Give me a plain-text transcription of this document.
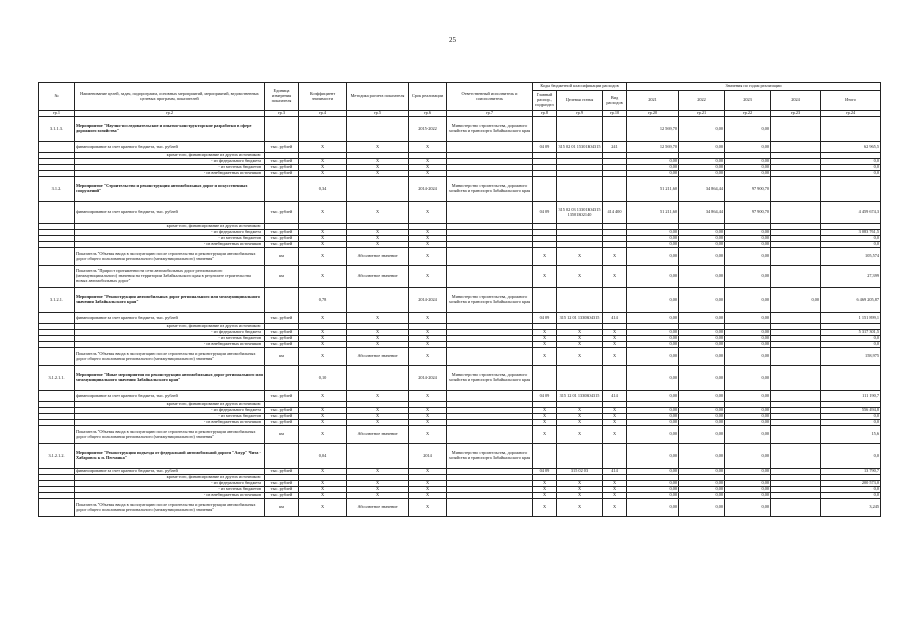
25
№	Наименование целей, задач, подпрограмм, основных мероприятий, мероприятий, ведомственных целевых программ, показателей	Единица измерения показателя	Коэффициент значимости	Методика расчета показателя	Срок реализации	Ответственный исполнитель и соисполнитель	Коды бюджетной классификации расходов			Значения по годам реализации				
							Главный распор., подраздел	Целевая статья	Вид расходов	2021	2022	2023	2024	Итого
гр.1	гр.2	гр.3	гр.4	гр.5	гр.6	гр.7	гр.8	гр.9	гр.10	гр.20	гр.21	гр.22	гр.23	гр.24
3.1.1.3.	Мероприятие "Научно-исследовательские и опытно-конструкторские разработки в сфере дорожного хозяйства"				2015-2022	Министерство строительства, дорожного хозяйства и транспорта Забайкальского края				12 569,70	0,00	0,00		
	финансирование за счет краевого бюджета, тыс. рублей	тыс. рублей	X	X	X		04 09	315 02 01 15301Ю4315	241	12 569,70	0,00	0,00		62 965,5
	кроме того, финансирование из других источников:													
	- из федерального бюджета	тыс. рублей	X	X	X					0,00	0,00	0,00		0,0
	- из местных бюджетов	тыс. рублей	X	X	X					0,00	0,00	0,00		0,0
	- из внебюджетных источников	тыс. рублей	X	X	X					0,00	0,00	0,00		0,0
3.1.2.	Мероприятие "Строительство и реконструкция автомобильных дорог и искусственных сооружений"		0,34		2014-2024	Министерство строительства, дорожного хозяйства и транспорта Забайкальского края				51 211,60	34 864,44	97 900,70		
	финансирование за счет краевого бюджета, тыс. рублей	тыс. рублей	X	X	X		04 09	315 02 03 13301Ю4315 13501Ю2140	414 400	51 211,60	34 864,44	97 900,70		4 459 674,3
	кроме того, финансирование из других источников:													
	- из федерального бюджета	тыс. рублей	X	X	X					0,00	0,00	0,00		3 083 761,5
	- из местных бюджетов	тыс. рублей	X	X	X					0,00	0,00	0,00		0,0
	- из внебюджетных источников	тыс. рублей	X	X	X					0,00	0,00	0,00		0,0
	Показатель "Объемы ввода в эксплуатацию после строительства и реконструкции автомобильных дорог общего пользования регионального (межмуниципального) значения"	км	X	Абсолютное значение	X		X	X	X	0,00	0,00	0,00		105,574
	Показатель "Прирост протяженности сети автомобильных дорог регионального (межмуниципального) значения на территории Забайкальского края в результате строительства новых автомобильных дорог"	км	X	Абсолютное значение	X		X	X	X	0,00	0,00	0,00		27,399
3.1.2.1.	Мероприятие "Реконструкция автомобильных дорог регионального или межмуниципального значения Забайкальского края"		0,78		2014-2024	Министерство строительства, дорожного хозяйства и транспорта Забайкальского края				0,00	0,00	0,00	0,00	6 469 205,87
	финансирование за счет краевого бюджета, тыс. рублей	тыс. рублей	X	X	X		04 09	315 12 01 1330Ю4315	414	0,00	0,00	0,00		1 151 899,1
	кроме того, финансирование из других источников:													
	- из федерального бюджета	тыс. рублей	X	X	X		X	X	X	0,00	0,00	0,00		5 317 301,5
	- из местных бюджетов	тыс. рублей	X	X	X		X	X	X	0,00	0,00	0,00		0,0
	- из внебюджетных источников	тыс. рублей	X	X	X		X	X	X	0,00	0,00	0,00		0,0
	Показатель "Объемы ввода в эксплуатацию после строительства и реконструкции автомобильных дорог общего пользования регионального (межмуниципального) значения"	км	X	Абсолютное значение	X		X	X	X	0,00	0,00	0,00		158,975
3.1.2.1.1.	Мероприятие "Иные мероприятия по реконструкции автомобильных дорог регионального или межмуниципального значения Забайкальского края"		0,10		2014-2024	Министерство строительства, дорожного хозяйства и транспорта Забайкальского края				0,00	0,00	0,00		
	финансирование за счет краевого бюджета, тыс. рублей	тыс. рублей	X	X	X		04 09	315 12 01 1330Ю4315	414	0,00	0,00	0,00		111 190,7
	кроме того, финансирование из других источников:													
	- из федерального бюджета	тыс. рублей	X	X	X		X	X	X	0,00	0,00	0,00		556 494,8
	- из местных бюджетов	тыс. рублей	X	X	X		X	X	X	0,00	0,00	0,00		0,0
	- из внебюджетных источников	тыс. рублей	X	X	X		X	X	X	0,00	0,00	0,00		0,0
	Показатель "Объемы ввода в эксплуатацию после строительства и реконструкции автомобильных дорог общего пользования регионального (межмуниципального) значения"	км	X	Абсолютное значение	X		X	X	X	0,00	0,00	0,00		15,6
3.1.2.1.2.	Мероприятие "Реконструкция подъезда от федеральной автомобильной дороги "Амур" Чита - Хабаровск к п. Песчанка"		0,04		2014	Министерство строительства, дорожного хозяйства и транспорта Забайкальского края				0,00	0,00	0,00		0,0
	финансирование за счет краевого бюджета, тыс. рублей	тыс. рублей	X	X	X		04 09	315 02 03	414	0,00	0,00	0,00		13 790,7
	кроме того, финансирование из других источников:													
	- из федерального бюджета	тыс. рублей	X	X	X		X	X	X	0,00	0,00	0,00		200 573,0
	- из местных бюджетов	тыс. рублей	X	X	X		X	X	X	0,00	0,00	0,00		0,0
	- из внебюджетных источников	тыс. рублей	X	X	X		X	X	X	0,00	0,00	0,00		0,0
	Показатель "Объемы ввода в эксплуатацию после строительства и реконструкции автомобильных дорог общего пользования регионального (межмуниципального) значения"	км	X	Абсолютное значение	X		X	X	X	0,00	0,00	0,00		3,245
